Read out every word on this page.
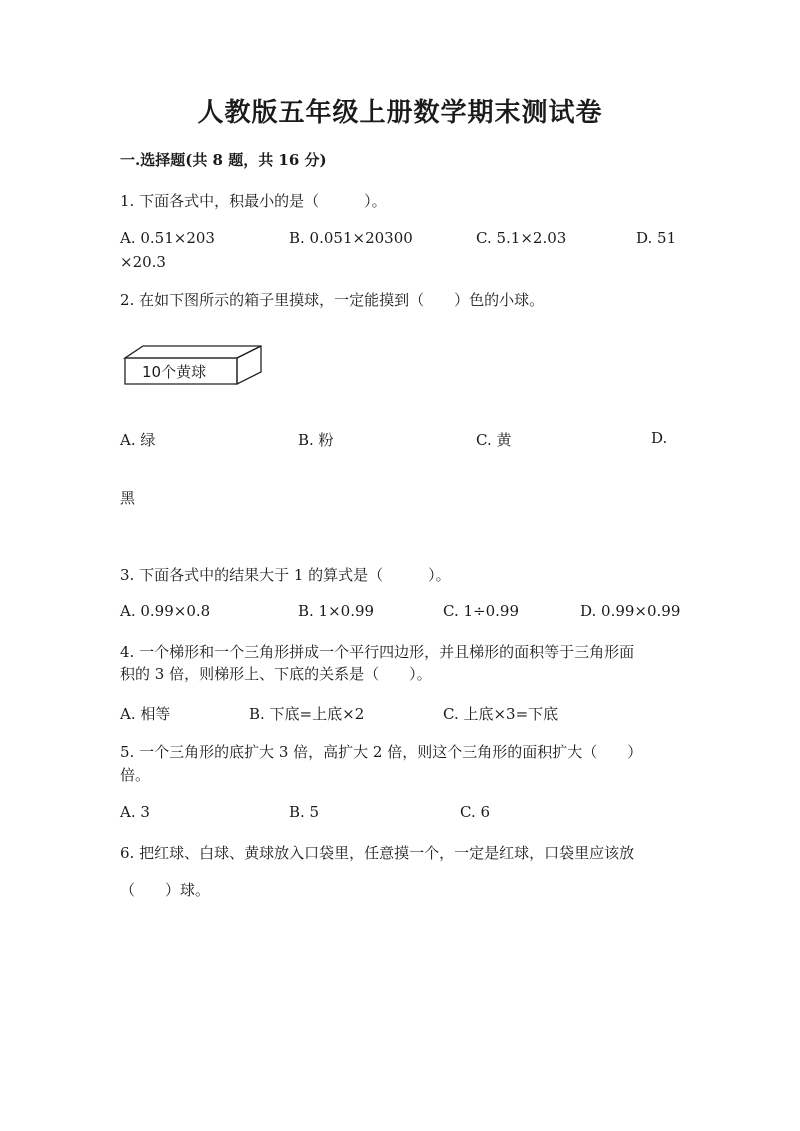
人教版五年级上册数学期末测试卷
一.选择题(共 8 题，共 16 分)
1. 下面各式中，积最小的是（　　　）。
A. 0.51×203	B. 0.051×20300	C. 5.1×2.03	D. 51
×20.3
2. 在如下图所示的箱子里摸球，一定能摸到（　　）色的小球。
10个黄球
A. 绿	B. 粉	C. 黄	D.
黑
3. 下面各式中的结果大于 1 的算式是（　　　）。
A. 0.99×0.8	B. 1×0.99	C. 1÷0.99	D. 0.99×0.99
4. 一个梯形和一个三角形拼成一个平行四边形，并且梯形的面积等于三角形面
积的 3 倍，则梯形上、下底的关系是（　　）。
A. 相等	B. 下底=上底×2	C. 上底×3=下底
5. 一个三角形的底扩大 3 倍，高扩大 2 倍，则这个三角形的面积扩大（　　）
倍。
A. 3	B. 5	C. 6
6. 把红球、白球、黄球放入口袋里，任意摸一个，一定是红球，口袋里应该放
（　　）球。
